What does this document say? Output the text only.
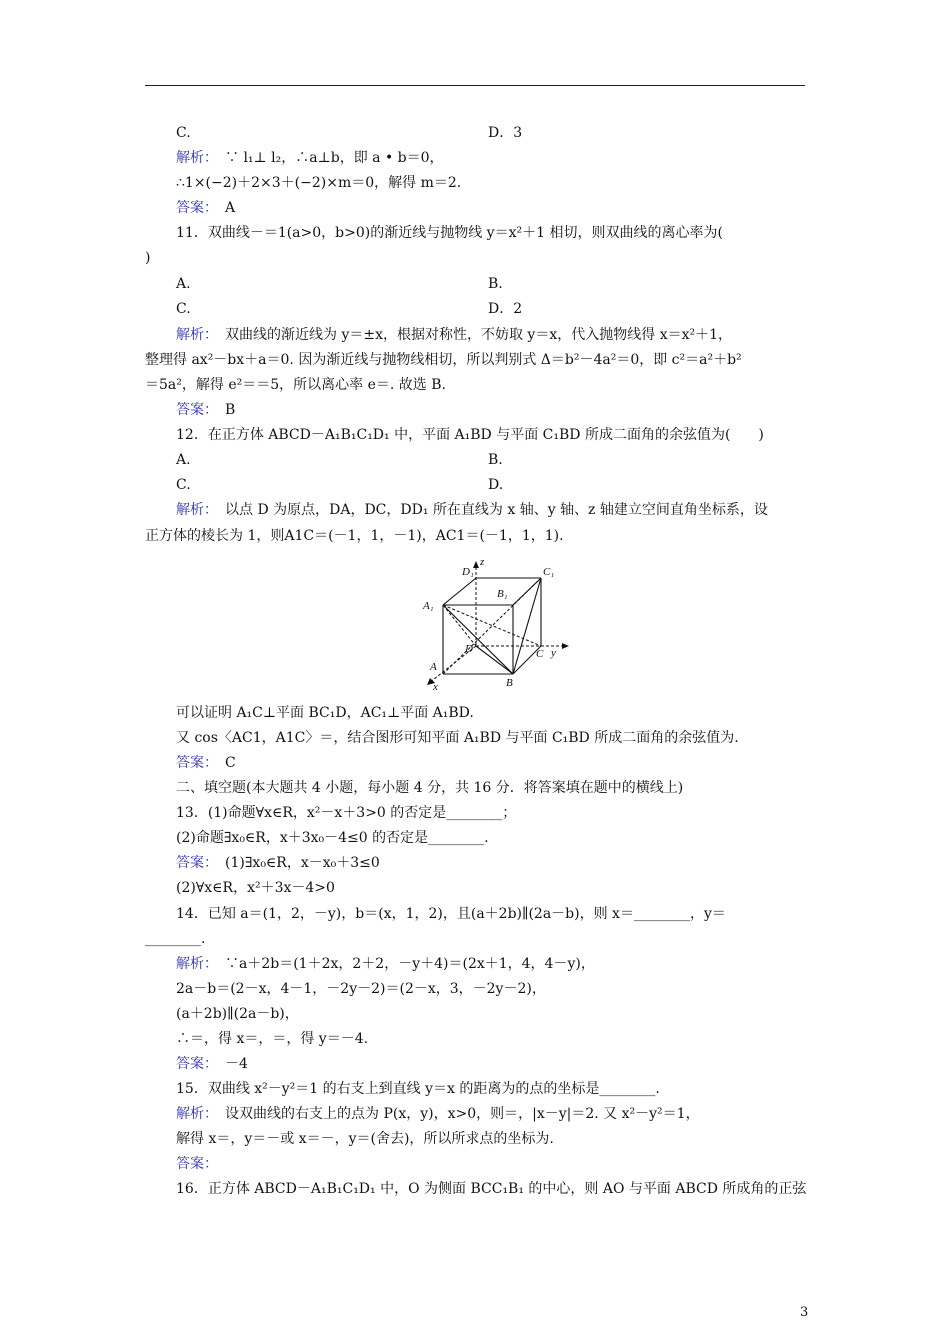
C.	D．3
解析：　 ∵ l₁⊥ l₂，∴a⊥b，即 a • b＝0，
∴1×(−2)＋2×3＋(−2)×m＝0，解得 m＝2.
答案：　 A
11．双曲线－＝1(a>0，b>0)的渐近线与抛物线 y＝x²＋1 相切，则双曲线的离心率为(
)
A.	B.
C.	D．2
解析：　 双曲线的渐近线为 y＝±x，根据对称性，不妨取 y＝x，代入抛物线得 x＝x²＋1，
整理得 ax²－bx＋a＝0. 因为渐近线与抛物线相切，所以判别式 Δ＝b²－4a²＝0，即 c²＝a²＋b²
＝5a²，解得 e²＝＝5，所以离心率 e＝. 故选 B.
答案：　 B
12．在正方体 ABCD－A₁B₁C₁D₁ 中，平面 A₁BD 与平面 C₁BD 所成二面角的余弦值为(　　)
A.	B.
C.	D.
解析：　 以点 D 为原点，DA，DC，DD₁ 所在直线为 x 轴、y 轴、z 轴建立空间直角坐标系，设
正方体的棱长为 1，则A1C＝(－1，1，－1)，AC1＝(－1，1，1).
D₁	C₁
B₁
A₁
z
D	C y
A
B
x
可以证明 A₁C⊥平面 BC₁D，AC₁⊥平面 A₁BD.
又 cos〈AC1，A1C〉＝，结合图形可知平面 A₁BD 与平面 C₁BD 所成二面角的余弦值为.
答案：　 C
二、填空题(本大题共 4 小题，每小题 4 分，共 16 分．将答案填在题中的横线上)
13．(1)命题∀x∈R，x²－x＋3>0 的否定是________；
(2)命题∃x₀∈R，x＋3x₀－4≤0 的否定是________.
答案：　 (1)∃x₀∈R，x－x₀＋3≤0
(2)∀x∈R，x²＋3x－4>0
14．已知 a＝(1，2，－y)，b＝(x，1，2)，且(a＋2b)∥(2a－b)，则 x＝________，y＝
________.
解析：　 ∵a＋2b＝(1＋2x，2＋2，－y＋4)＝(2x＋1，4，4－y)，
2a－b＝(2－x，4－1，－2y－2)＝(2－x，3，－2y－2)，
(a＋2b)∥(2a－b)，
∴＝，得 x＝，＝，得 y＝－4.
答案：　 －4
15．双曲线 x²－y²＝1 的右支上到直线 y＝x 的距离为的点的坐标是________.
解析：　 设双曲线的右支上的点为 P(x，y)，x>0，则＝，|x－y|＝2. 又 x²－y²＝1，
解得 x＝，y＝－或 x＝－，y＝(舍去)，所以所求点的坐标为.
答案：
16．正方体 ABCD－A₁B₁C₁D₁ 中，O 为侧面 BCC₁B₁ 的中心，则 AO 与平面 ABCD 所成角的正弦
3
